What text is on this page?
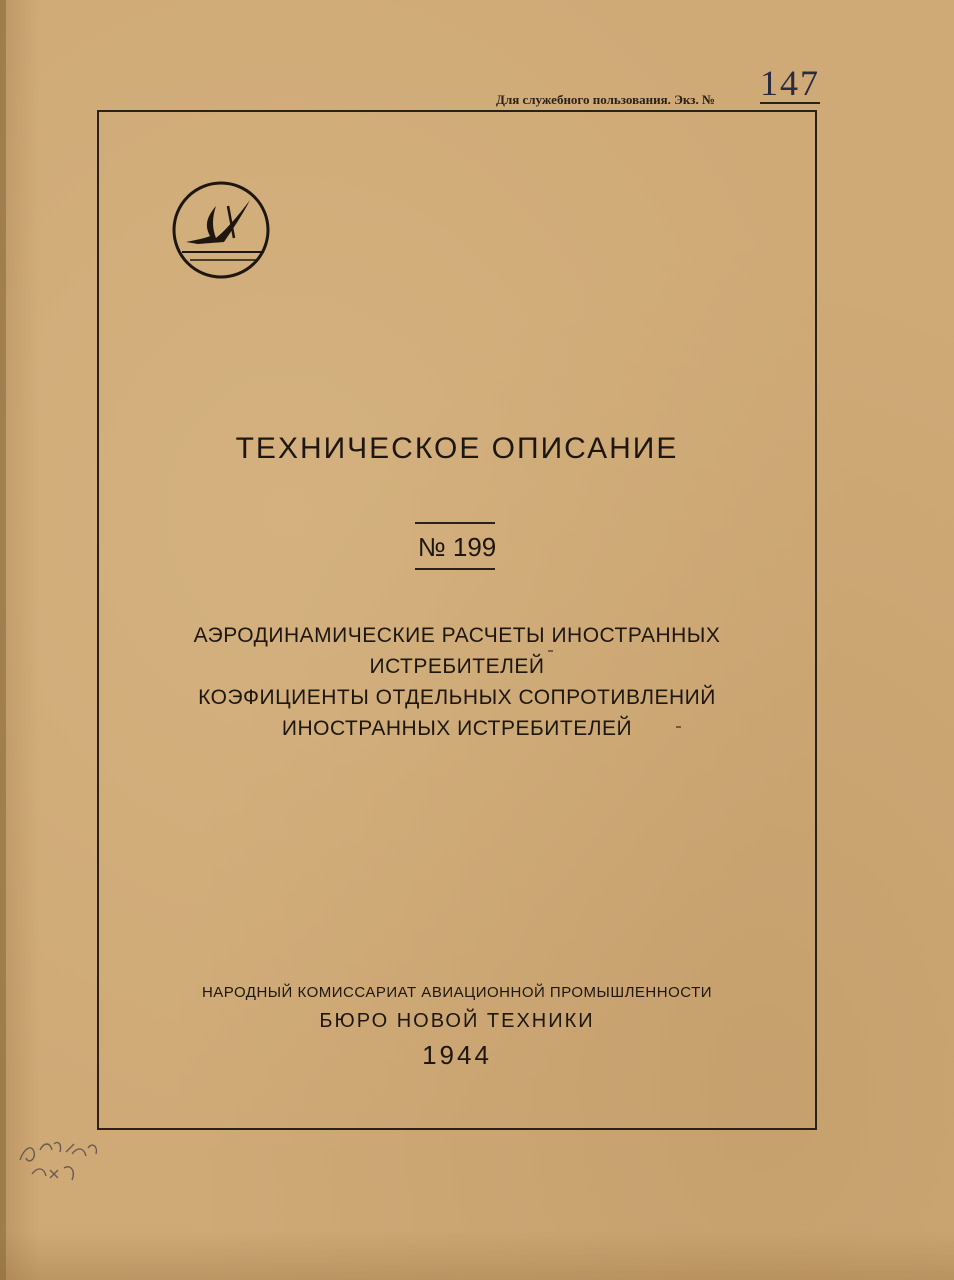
Для служебного пользования. Экз. № 147
ТЕХНИЧЕСКОЕ ОПИСАНИЕ
№ 199
АЭРОДИНАМИЧЕСКИЕ РАСЧЕТЫ ИНОСТРАННЫХ
ИСТРЕБИТЕЛЕЙ
КОЭФИЦИЕНТЫ ОТДЕЛЬНЫХ СОПРОТИВЛЕНИЙ
ИНОСТРАННЫХ ИСТРЕБИТЕЛЕЙ
НАРОДНЫЙ КОМИССАРИАТ АВИАЦИОННОЙ ПРОМЫШЛЕННОСТИ
БЮРО НОВОЙ ТЕХНИКИ
1944
